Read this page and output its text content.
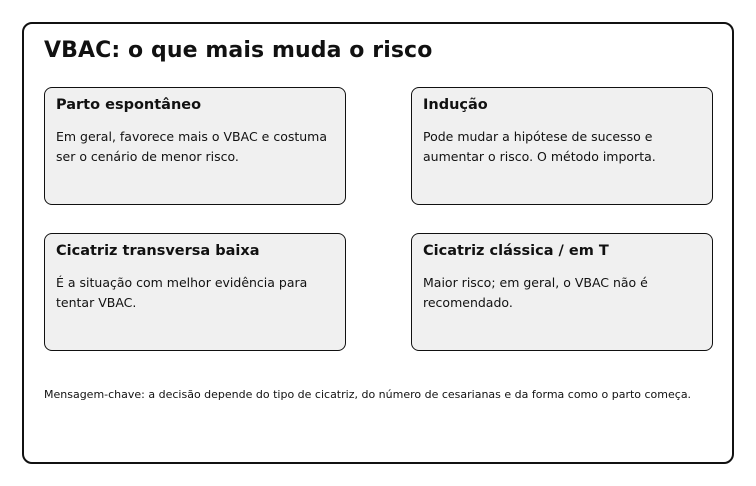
VBAC: o que mais muda o risco

Parto espontâneo

Em geral, favorece mais o VBAC e costuma ser o cenário de menor risco.

Indução

Pode mudar a hipótese de sucesso e aumentar o risco. O método importa.

Cicatriz transversa baixa

É a situação com melhor evidência para tentar VBAC.

Cicatriz clássica / em T

Maior risco; em geral, o VBAC não é recomendado.

Mensagem-chave: a decisão depende do tipo de cicatriz, do número de cesarianas e da forma como o parto começa.
